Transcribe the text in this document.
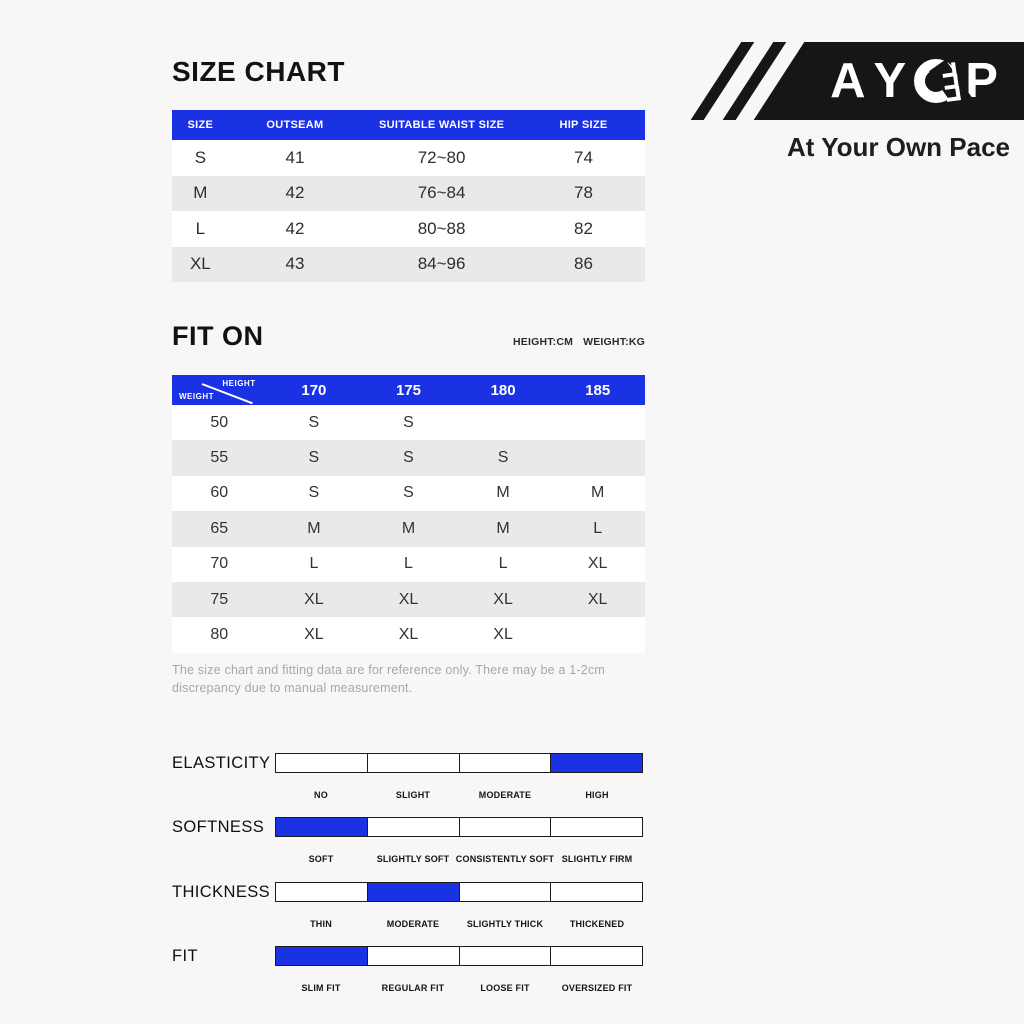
SIZE CHART	A Y P
At Your Own Pace
SIZE	OUTSEAM	SUITABLE WAIST SIZE	HIP SIZE
S	41	72~80	74
M	42	76~84	78
L	42	80~88	82
XL	43	84~96	86
FIT ON	HEIGHT:CM WEIGHT:KG
HEIGHT
WEIGHT	170	175	180	185
50	S	S
55	S	S	S
60	S	S	M	M
65	M	M	M	L
70	L	L	L	XL
75	XL	XL	XL	XL
80	XL	XL	XL

The size chart and fitting data are for reference only. There may be a 1-2cm discrepancy due to manual measurement.

ELASTICITY
NO	SLIGHT	MODERATE	HIGH
SOFTNESS
SOFT	SLIGHTLY SOFT CONSISTENTLY SOFT SLIGHTLY FIRM
THICKNESS
THIN	MODERATE	SLIGHTLY THICK	THICKENED
FIT
SLIM FIT	REGULAR FIT	LOOSE FIT	OVERSIZED FIT
